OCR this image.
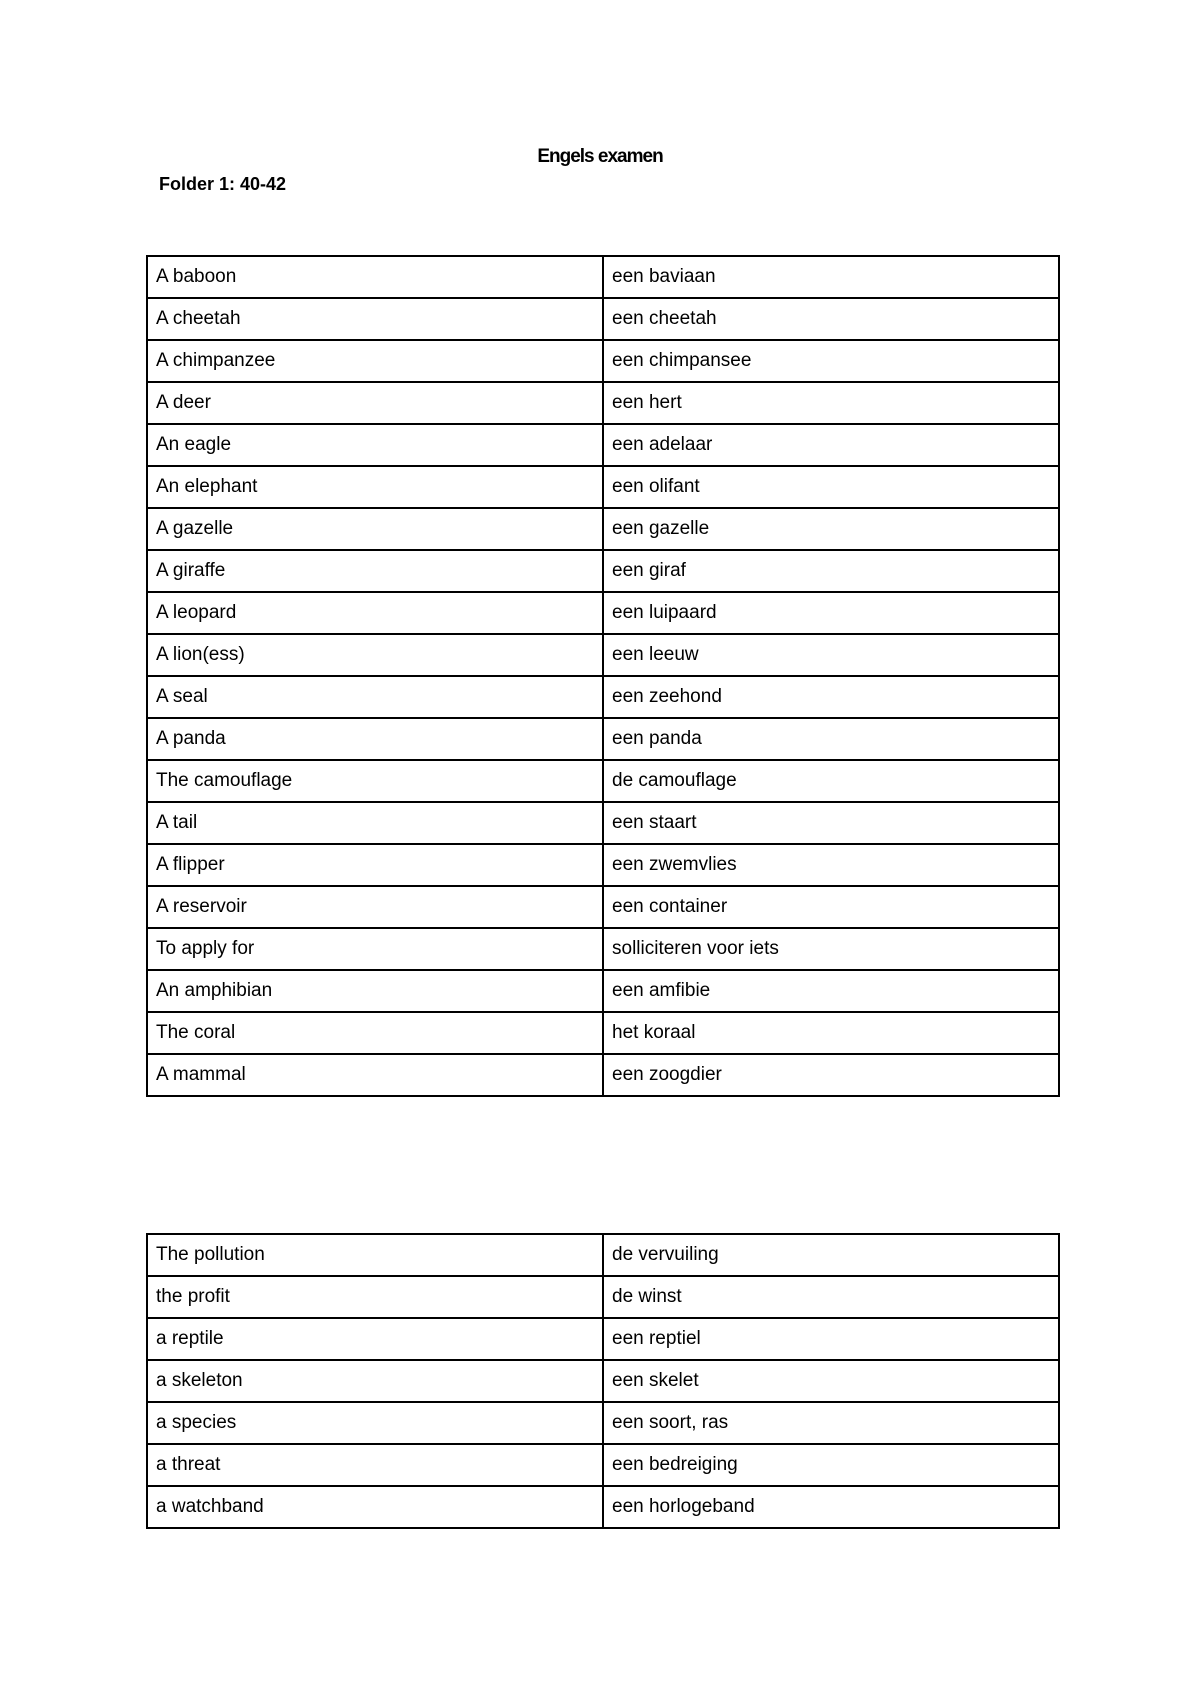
Engels examen
Folder 1: 40-42
A baboon	een baviaan
A cheetah	een cheetah
A chimpanzee	een chimpansee
A deer	een hert
An eagle	een adelaar
An elephant	een olifant
A gazelle	een gazelle
A giraffe	een giraf
A leopard	een luipaard
A lion(ess)	een leeuw
A seal	een zeehond
A panda	een panda
The camouflage	de camouflage
A tail	een staart
A flipper	een zwemvlies
A reservoir	een container
To apply for	solliciteren voor iets
An amphibian	een amfibie
The coral	het koraal
A mammal	een zoogdier
The pollution	de vervuiling
the profit	de winst
a reptile	een reptiel
a skeleton	een skelet
a species	een soort, ras
a threat	een bedreiging
a watchband	een horlogeband
